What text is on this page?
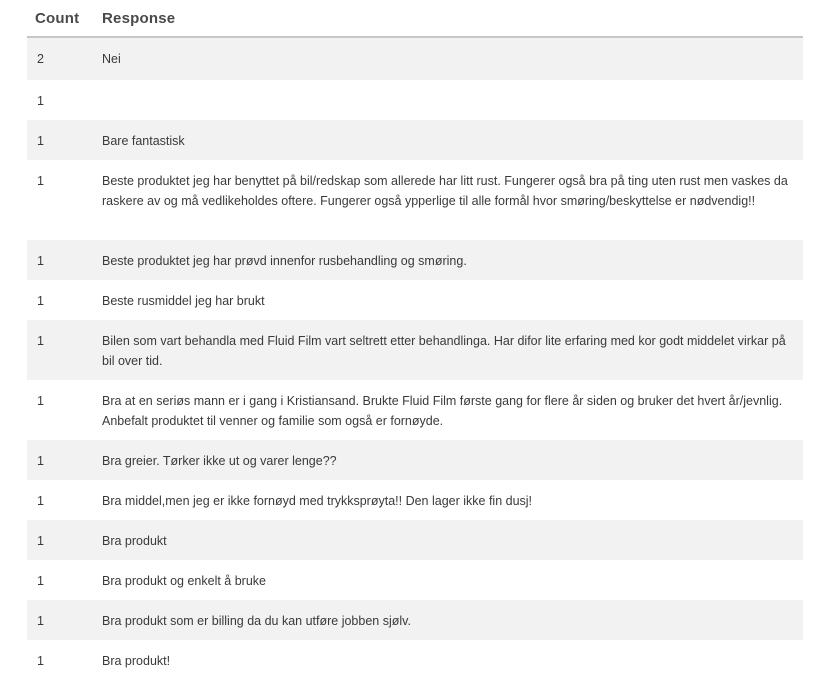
Count	Response
2	Nei
1
1	Bare fantastisk
1	Beste produktet jeg har benyttet på bil/redskap som allerede har litt rust. Fungerer også bra på ting uten rust men vaskes da raskere av og må vedlikeholdes oftere. Fungerer også ypperlige til alle formål hvor smøring/beskyttelse er nødvendig!!
1	Beste produktet jeg har prøvd innenfor rusbehandling og smøring.
1	Beste rusmiddel jeg har brukt
1	Bilen som vart behandla med Fluid Film vart seltrett etter behandlinga. Har difor lite erfaring med kor godt middelet virkar på bil over tid.
1	Bra at en seriøs mann er i gang i Kristiansand. Brukte Fluid Film første gang for flere år siden og bruker det hvert år/jevnlig. Anbefalt produktet til venner og familie som også er fornøyde.
1	Bra greier. Tørker ikke ut og varer lenge??
1	Bra middel,men jeg er ikke fornøyd med trykksprøyta!! Den lager ikke fin dusj!
1	Bra produkt
1	Bra produkt og enkelt å bruke
1	Bra produkt som er billing da du kan utføre jobben sjølv.
1	Bra produkt!
